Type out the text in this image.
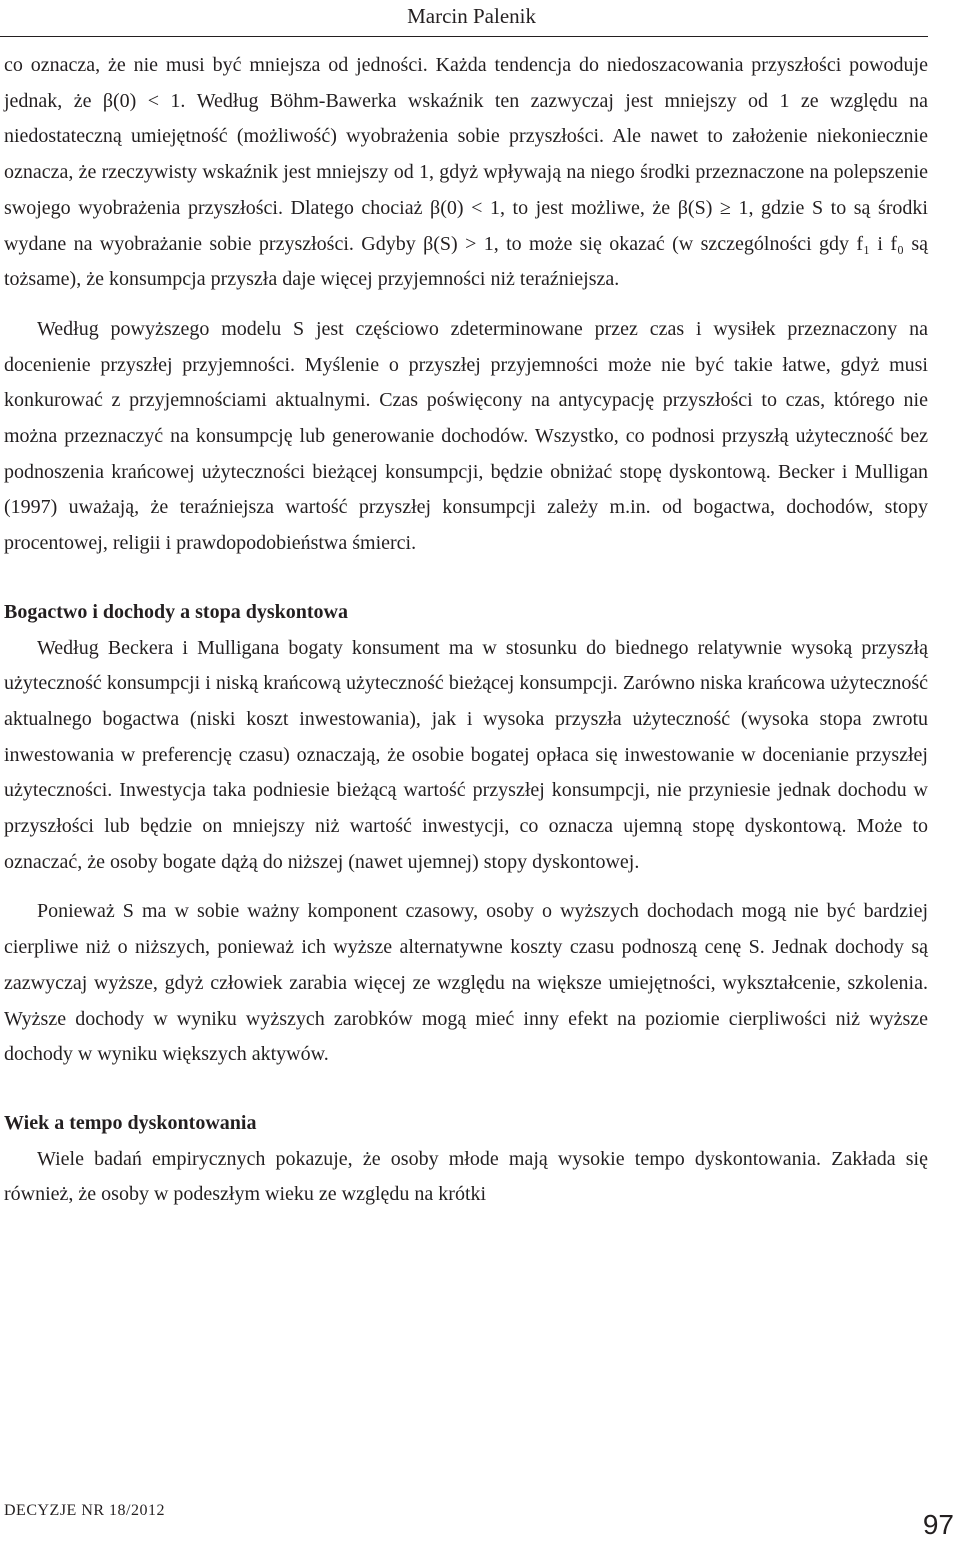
Marcin Palenik

co oznacza, że nie musi być mniejsza od jedności. Każda tendencja do niedoszacowania przyszłości powoduje jednak, że β(0) < 1. Według Böhm-Bawerka wskaźnik ten zazwyczaj jest mniejszy od 1 ze względu na niedostateczną umiejętność (możliwość) wyobrażenia sobie przyszłości. Ale nawet to założenie niekoniecznie oznacza, że rzeczywisty wskaźnik jest mniejszy od 1, gdyż wpływają na niego środki przeznaczone na polepszenie swojego wyobrażenia przyszłości. Dlatego chociaż β(0) < 1, to jest możliwe, że β(S) ≥ 1, gdzie S to są środki wydane na wyobrażanie sobie przyszłości. Gdyby β(S) > 1, to może się okazać (w szczególności gdy f₁ i f₀ są tożsame), że konsumpcja przyszła daje więcej przyjemności niż teraźniejsza.

Według powyższego modelu S jest częściowo zdeterminowane przez czas i wysiłek przeznaczony na docenienie przyszłej przyjemności. Myślenie o przyszłej przyjemności może nie być takie łatwe, gdyż musi konkurować z przyjemnościami aktualnymi. Czas poświęcony na antycypację przyszłości to czas, którego nie można przeznaczyć na konsumpcję lub generowanie dochodów. Wszystko, co podnosi przyszłą użyteczność bez podnoszenia krańcowej użyteczności bieżącej konsumpcji, będzie obniżać stopę dyskontową. Becker i Mulligan (1997) uważają, że teraźniejsza wartość przyszłej konsumpcji zależy m.in. od bogactwa, dochodów, stopy procentowej, religii i prawdopodobieństwa śmierci.

Bogactwo i dochody a stopa dyskontowa

Według Beckera i Mulligana bogaty konsument ma w stosunku do biednego relatywnie wysoką przyszłą użyteczność konsumpcji i niską krańcową użyteczność bieżącej konsumpcji. Zarówno niska krańcowa użyteczność aktualnego bogactwa (niski koszt inwestowania), jak i wysoka przyszła użyteczność (wysoka stopa zwrotu inwestowania w preferencję czasu) oznaczają, że osobie bogatej opłaca się inwestowanie w docenianie przyszłej użyteczności. Inwestycja taka podniesie bieżącą wartość przyszłej konsumpcji, nie przyniesie jednak dochodu w przyszłości lub będzie on mniejszy niż wartość inwestycji, co oznacza ujemną stopę dyskontową. Może to oznaczać, że osoby bogate dążą do niższej (nawet ujemnej) stopy dyskontowej.

Ponieważ S ma w sobie ważny komponent czasowy, osoby o wyższych dochodach mogą nie być bardziej cierpliwe niż o niższych, ponieważ ich wyższe alternatywne koszty czasu podnoszą cenę S. Jednak dochody są zazwyczaj wyższe, gdyż człowiek zarabia więcej ze względu na większe umiejętności, wykształcenie, szkolenia. Wyższe dochody w wyniku wyższych zarobków mogą mieć inny efekt na poziomie cierpliwości niż wyższe dochody w wyniku większych aktywów.

Wiek a tempo dyskontowania

Wiele badań empirycznych pokazuje, że osoby młode mają wysokie tempo dyskontowania. Zakłada się również, że osoby w podeszłym wieku ze względu na krótki

DECYZJE NR 18/2012	97
